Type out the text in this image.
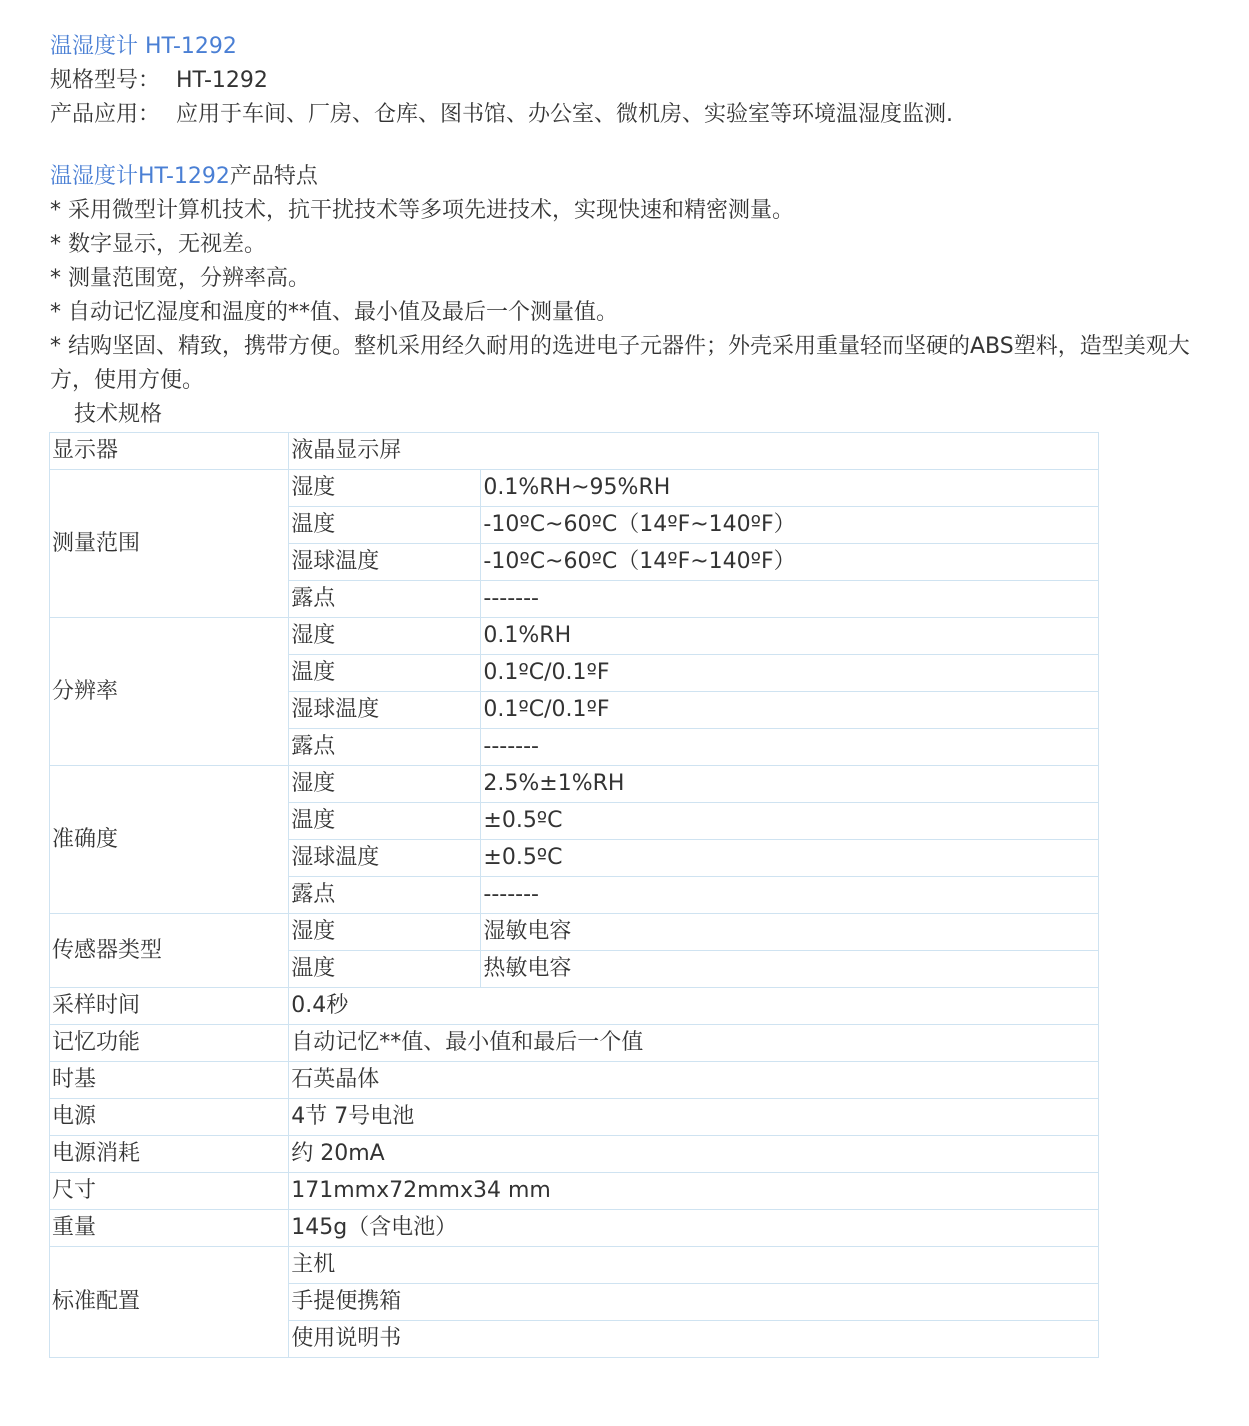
温湿度计 HT-1292
规格型号： HT-1292
产品应用： 应用于车间、厂房、仓库、图书馆、办公室、微机房、实验室等环境温湿度监测.
温湿度计HT-1292产品特点
* 采用微型计算机技术，抗干扰技术等多项先进技术，实现快速和精密测量。
* 数字显示，无视差。
* 测量范围宽，分辨率高。
* 自动记忆湿度和温度的**值、最小值及最后一个测量值。
* 结购坚固、精致，携带方便。整机采用经久耐用的选进电子元器件；外壳采用重量轻而坚硬的ABS塑料，造型美观大方，使用方便。
技术规格
显示器	液晶显示屏	
测量范围	湿度	0.1%RH~95%RH
	温度	-10ºC~60ºC（14ºF~140ºF）
	湿球温度	-10ºC~60ºC（14ºF~140ºF）
	露点	-------
分辨率	湿度	0.1%RH
	温度	0.1ºC/0.1ºF
	湿球温度	0.1ºC/0.1ºF
	露点	-------
准确度	湿度	2.5%±1%RH
	温度	±0.5ºC
	湿球温度	±0.5ºC
	露点	-------
传感器类型	湿度	湿敏电容
	温度	热敏电容
采样时间	0.4秒	
记忆功能	自动记忆**值、最小值和最后一个值	
时基	石英晶体	
电源	4节 7号电池	
电源消耗	约 20mA	
尺寸	171mmx72mmx34 mm	
重量	145g（含电池）	
标准配置	主机	
	手提便携箱	
	使用说明书	
